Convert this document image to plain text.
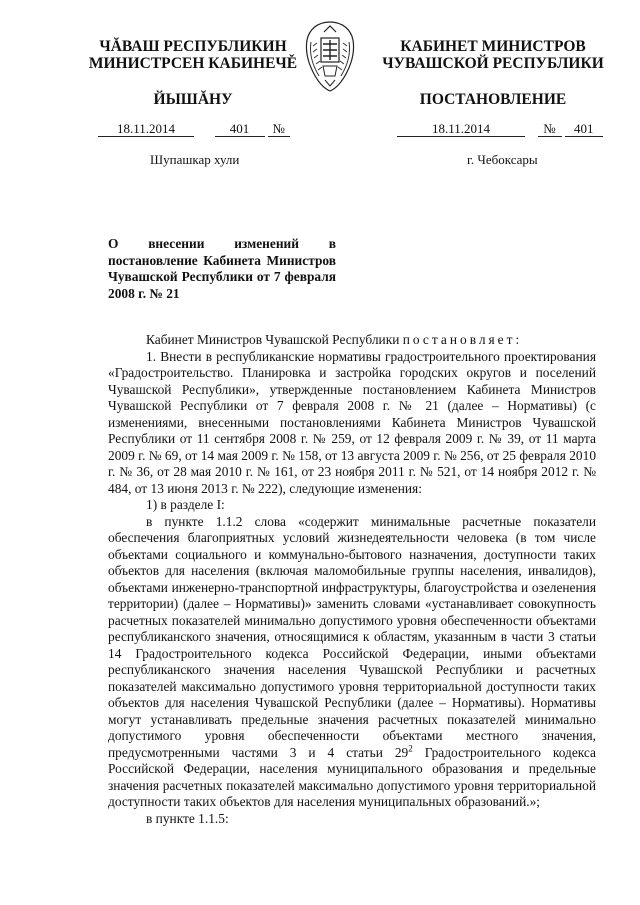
ЧĂВАШ РЕСПУБЛИКИН
МИНИСТРСЕН КАБИНЕЧĚ
ЙЫШĂНУ
КАБИНЕТ МИНИСТРОВ
ЧУВАШСКОЙ РЕСПУБЛИКИ
ПОСТАНОВЛЕНИЕ
18.11.2014	401 №	18.11.2014	№ 401
Шупашкар хули	г. Чебоксары
О внесении изменений в постановление Кабинета Министров Чувашской Республики от 7 февраля 2008 г. № 21

Кабинет Министров Чувашской Республики постановляет:

1. Внести в республиканские нормативы градостроительного проектирования «Градостроительство. Планировка и застройка городских округов и поселений Чувашской Республики», утвержденные постановлением Кабинета Министров Чувашской Республики от 7 февраля 2008 г. № 21 (далее – Нормативы) (с изменениями, внесенными постановлениями Кабинета Министров Чувашской Республики от 11 сентября 2008 г. № 259, от 12 февраля 2009 г. № 39, от 11 марта 2009 г. № 69, от 14 мая 2009 г. № 158, от 13 августа 2009 г. № 256, от 25 февраля 2010 г. № 36, от 28 мая 2010 г. № 161, от 23 ноября 2011 г. № 521, от 14 ноября 2012 г. № 484, от 13 июня 2013 г. № 222), следующие изменения:

1) в разделе I:

в пункте 1.1.2 слова «содержит минимальные расчетные показатели обеспечения благоприятных условий жизнедеятельности человека (в том числе объектами социального и коммунально-бытового назначения, доступности таких объектов для населения (включая маломобильные группы населения, инвалидов), объектами инженерно-транспортной инфраструктуры, благоустройства и озеленения территории) (далее – Нормативы)» заменить словами «устанавливает совокупность расчетных показателей минимально допустимого уровня обеспеченности объектами республиканского значения, относящимися к областям, указанным в части 3 статьи 14 Градостроительного кодекса Российской Федерации, иными объектами республиканского значения населения Чувашской Республики и расчетных показателей максимально допустимого уровня территориальной доступности таких объектов для населения Чувашской Республики (далее – Нормативы). Нормативы могут устанавливать предельные значения расчетных показателей минимально допустимого уровня обеспеченности объектами местного значения, предусмотренными частями 3 и 4 статьи $29^2$ Градостроительного кодекса Российской Федерации, населения муниципального образования и предельные значения расчетных показателей максимально допустимого уровня территориальной доступности таких объектов для населения муниципальных образований.»;

в пункте 1.1.5:
